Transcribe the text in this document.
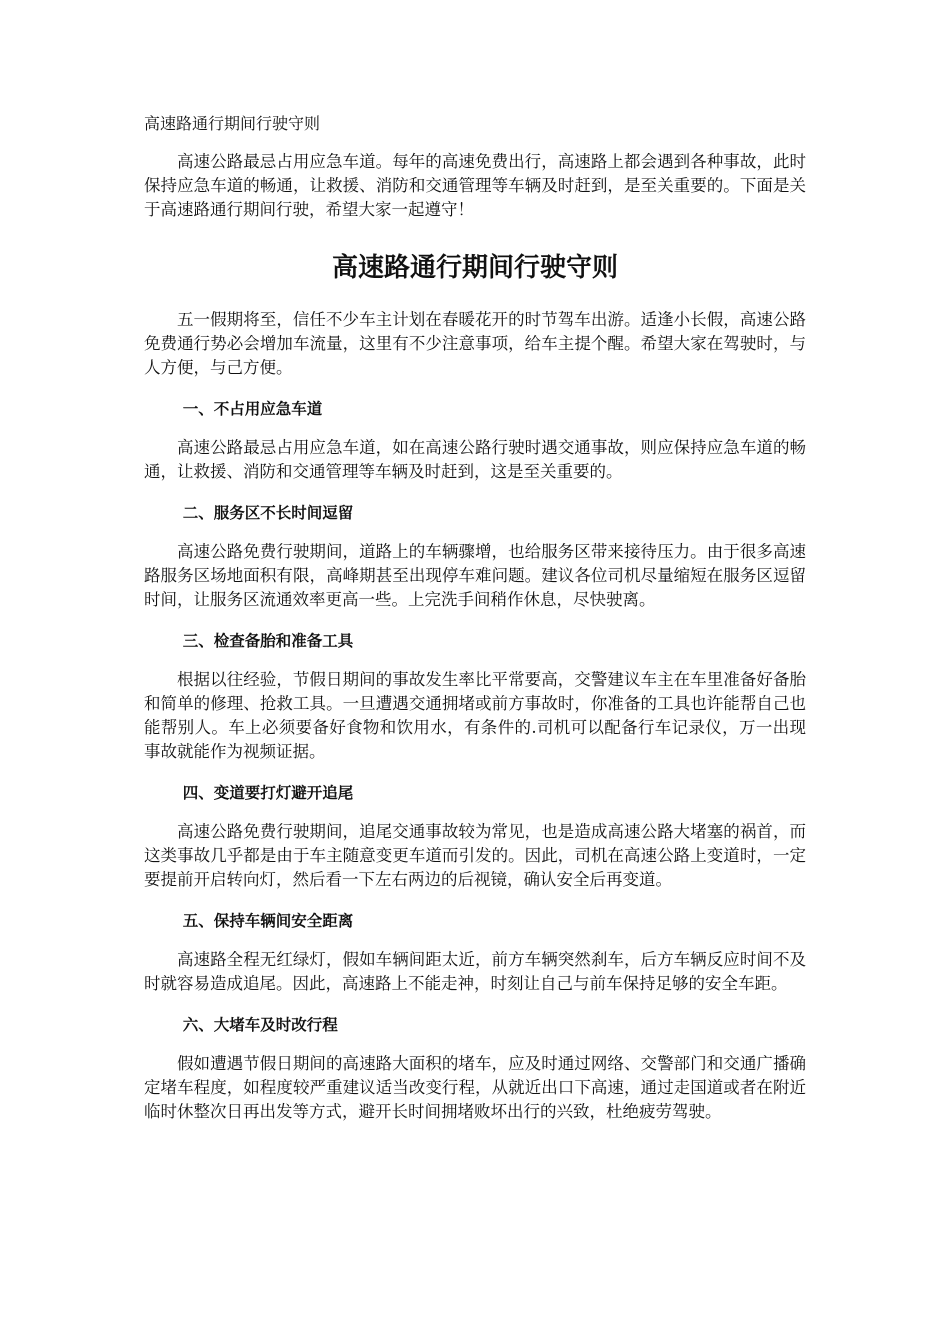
高速路通行期间行驶守则

高速公路最忌占用应急车道。每年的高速免费出行，高速路上都会遇到各种事故，此时保持应急车道的畅通，让救援、消防和交通管理等车辆及时赶到，是至关重要的。下面是关于高速路通行期间行驶，希望大家一起遵守！

高速路通行期间行驶守则

五一假期将至，信任不少车主计划在春暖花开的时节驾车出游。适逢小长假，高速公路免费通行势必会增加车流量，这里有不少注意事项，给车主提个醒。希望大家在驾驶时，与人方便，与己方便。

一、不占用应急车道

高速公路最忌占用应急车道，如在高速公路行驶时遇交通事故，则应保持应急车道的畅通，让救援、消防和交通管理等车辆及时赶到，这是至关重要的。

二、服务区不长时间逗留

高速公路免费行驶期间，道路上的车辆骤增，也给服务区带来接待压力。由于很多高速路服务区场地面积有限，高峰期甚至出现停车难问题。建议各位司机尽量缩短在服务区逗留时间，让服务区流通效率更高一些。上完洗手间稍作休息，尽快驶离。

三、检查备胎和准备工具

根据以往经验，节假日期间的事故发生率比平常要高，交警建议车主在车里准备好备胎和简单的修理、抢救工具。一旦遭遇交通拥堵或前方事故时，你准备的工具也许能帮自己也能帮别人。车上必须要备好食物和饮用水，有条件的.司机可以配备行车记录仪，万一出现事故就能作为视频证据。

四、变道要打灯避开追尾

高速公路免费行驶期间，追尾交通事故较为常见，也是造成高速公路大堵塞的祸首，而这类事故几乎都是由于车主随意变更车道而引发的。因此，司机在高速公路上变道时，一定要提前开启转向灯，然后看一下左右两边的后视镜，确认安全后再变道。

五、保持车辆间安全距离

高速路全程无红绿灯，假如车辆间距太近，前方车辆突然刹车，后方车辆反应时间不及时就容易造成追尾。因此，高速路上不能走神，时刻让自己与前车保持足够的安全车距。

六、大堵车及时改行程

假如遭遇节假日期间的高速路大面积的堵车，应及时通过网络、交警部门和交通广播确定堵车程度，如程度较严重建议适当改变行程，从就近出口下高速，通过走国道或者在附近临时休整次日再出发等方式，避开长时间拥堵败坏出行的兴致，杜绝疲劳驾驶。
